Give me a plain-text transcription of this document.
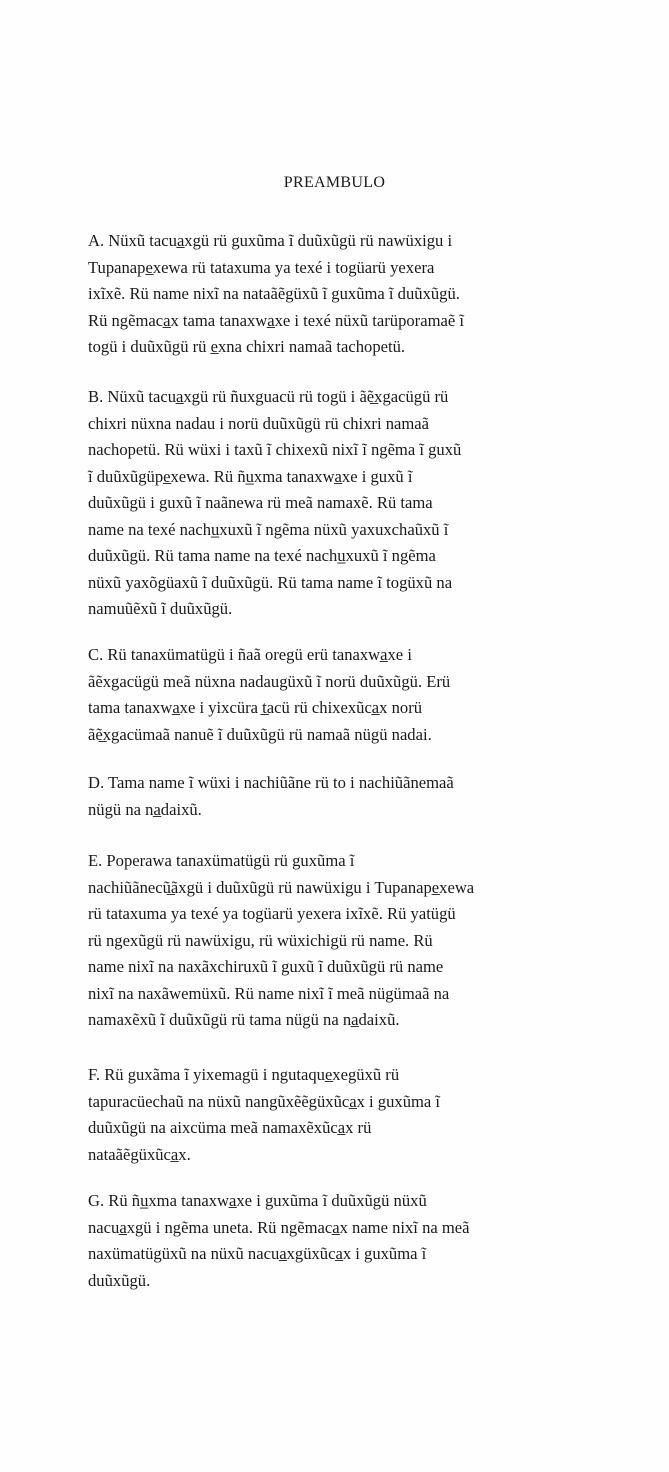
PREAMBULO
A. Nüxũ tacua̲xgü rü guxũma ĩ duũxũgü rü nawüxigu i
Tupanape̲xewa rü tataxuma ya texé i togüarü yexera
ixĩxẽ. Rü name nixĩ na nataãẽgüxũ ĩ guxũma ĩ duũxũgü.
Rü ngẽmaca̲x tama tanaxwa̲xe i texé nüxũ tarüporamaẽ ĩ
togü i duũxũgü rü e̲xna chixri namaã tachopetü.
B. Nüxũ tacua̲xgü rü ñuxguacü rü togü i ãẽ̲xgacügü rü
chixri nüxna nadau i norü duũxũgü rü chixri namaã
nachopetü. Rü wüxi i taxũ ĩ chixexũ nixĩ ĩ ngẽma ĩ guxũ
ĩ duũxũgüpe̲xewa. Rü ñu̲xma tanaxwa̲xe i guxũ ĩ
duũxũgü i guxũ ĩ naãnewa rü meã namaxẽ. Rü tama
name na texé nachu̲xuxũ ĩ ngẽma nüxũ yaxuxchaũxũ ĩ
duũxũgü. Rü tama name na texé nachu̲xuxũ ĩ ngẽma
nüxũ yaxõgüaxũ ĩ duũxũgü. Rü tama name ĩ togüxũ na
namuũẽxũ ĩ duũxũgü.
C. Rü tanaxümatügü i ñaã oregü erü tanaxwa̲xe i
ãẽxgacügü meã nüxna nadaugüxũ ĩ norü duũxũgü. Erü
tama tanaxwa̲xe i yixcüra t̲acü rü chixexũca̲x norü
ãẽ̲xgacümaã nanuẽ ĩ duũxũgü rü namaã nügü nadai.
D. Tama name ĩ wüxi i nachiũãne rü to i nachiũãnemaã
nügü na na̲daixũ.
E. Poperawa tanaxümatügü rü guxũma ĩ
nachiũãnecũ̲ãxgü i duũxũgü rü nawüxigu i Tupanape̲xewa
rü tataxuma ya texé ya togüarü yexera ixĩxẽ. Rü yatügü
rü ngexũgü rü nawüxigu, rü wüxichigü rü name. Rü
name nixĩ na naxãxchiruxũ ĩ guxũ ĩ duũxũgü rü name
nixĩ na naxãwemüxũ. Rü name nixĩ ĩ meã nügümaã na
namaxẽxũ ĩ duũxũgü rü tama nügü na na̲daixũ.
F. Rü guxãma ĩ yixemagü i ngutaque̲xegüxũ rü
tapuracüechaũ na nüxũ nangũxẽẽgüxũca̲x i guxũma ĩ
duũxũgü na aixcüma meã namaxẽxũca̲x rü
nataãẽgüxũca̲x.
G. Rü ñu̲xma tanaxwa̲xe i guxũma ĩ duũxũgü nüxũ
nacua̲xgü i ngẽma uneta. Rü ngẽmaca̲x name nixĩ na meã
naxümatügüxũ na nüxũ nacua̲xgüxũca̲x i guxũma ĩ
duũxũgü.
